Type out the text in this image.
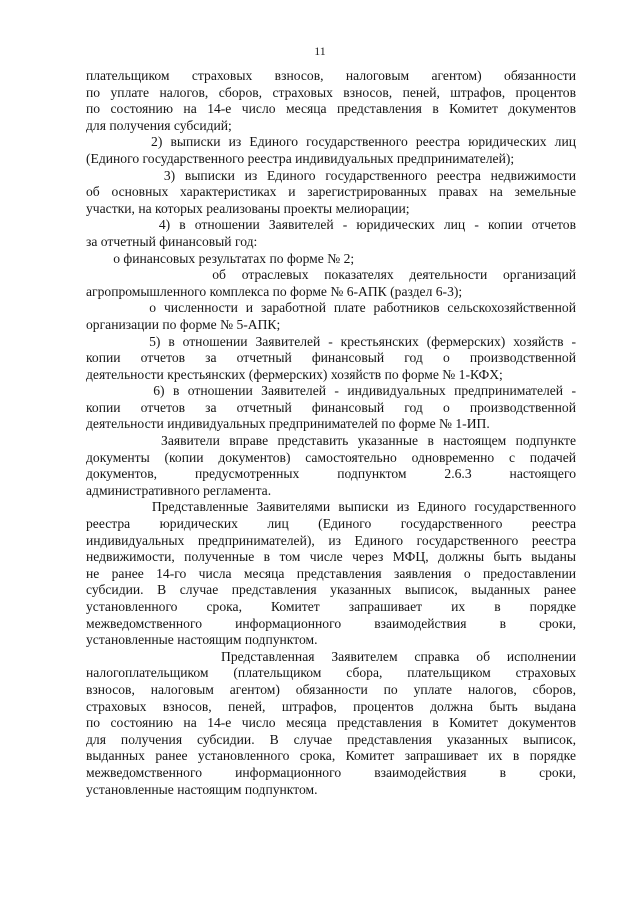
11
плательщиком страховых взносов, налоговым агентом) обязанности
по уплате налогов, сборов, страховых взносов, пеней, штрафов, процентов
по состоянию на 14-е число месяца представления в Комитет документов
для получения субсидий;
2) выписки из Единого государственного реестра юридических лиц
(Единого государственного реестра индивидуальных предпринимателей);
3) выписки из Единого государственного реестра недвижимости
об основных характеристиках и зарегистрированных правах на земельные
участки, на которых реализованы проекты мелиорации;
4) в отношении Заявителей - юридических лиц - копии отчетов
за отчетный финансовый год:
о финансовых результатах по форме № 2;
об отраслевых показателях деятельности организаций
агропромышленного комплекса по форме № 6-АПК (раздел 6-3);
о численности и заработной плате работников сельскохозяйственной
организации по форме № 5-АПК;
5) в отношении Заявителей - крестьянских (фермерских) хозяйств -
копии отчетов за отчетный финансовый год о производственной
деятельности крестьянских (фермерских) хозяйств по форме № 1-КФХ;
6) в отношении Заявителей - индивидуальных предпринимателей -
копии отчетов за отчетный финансовый год о производственной
деятельности индивидуальных предпринимателей по форме № 1-ИП.
Заявители вправе представить указанные в настоящем подпункте
документы (копии документов) самостоятельно одновременно с подачей
документов, предусмотренных подпунктом 2.6.3 настоящего
административного регламента.
Представленные Заявителями выписки из Единого государственного
реестра юридических лиц (Единого государственного реестра
индивидуальных предпринимателей), из Единого государственного реестра
недвижимости, полученные в том числе через МФЦ, должны быть выданы
не ранее 14-го числа месяца представления заявления о предоставлении
субсидии. В случае представления указанных выписок, выданных ранее
установленного срока, Комитет запрашивает их в порядке
межведомственного информационного взаимодействия в сроки,
установленные настоящим подпунктом.
Представленная Заявителем справка об исполнении
налогоплательщиком (плательщиком сбора, плательщиком страховых
взносов, налоговым агентом) обязанности по уплате налогов, сборов,
страховых взносов, пеней, штрафов, процентов должна быть выдана
по состоянию на 14-е число месяца представления в Комитет документов
для получения субсидии. В случае представления указанных выписок,
выданных ранее установленного срока, Комитет запрашивает их в порядке
межведомственного информационного взаимодействия в сроки,
установленные настоящим подпунктом.
